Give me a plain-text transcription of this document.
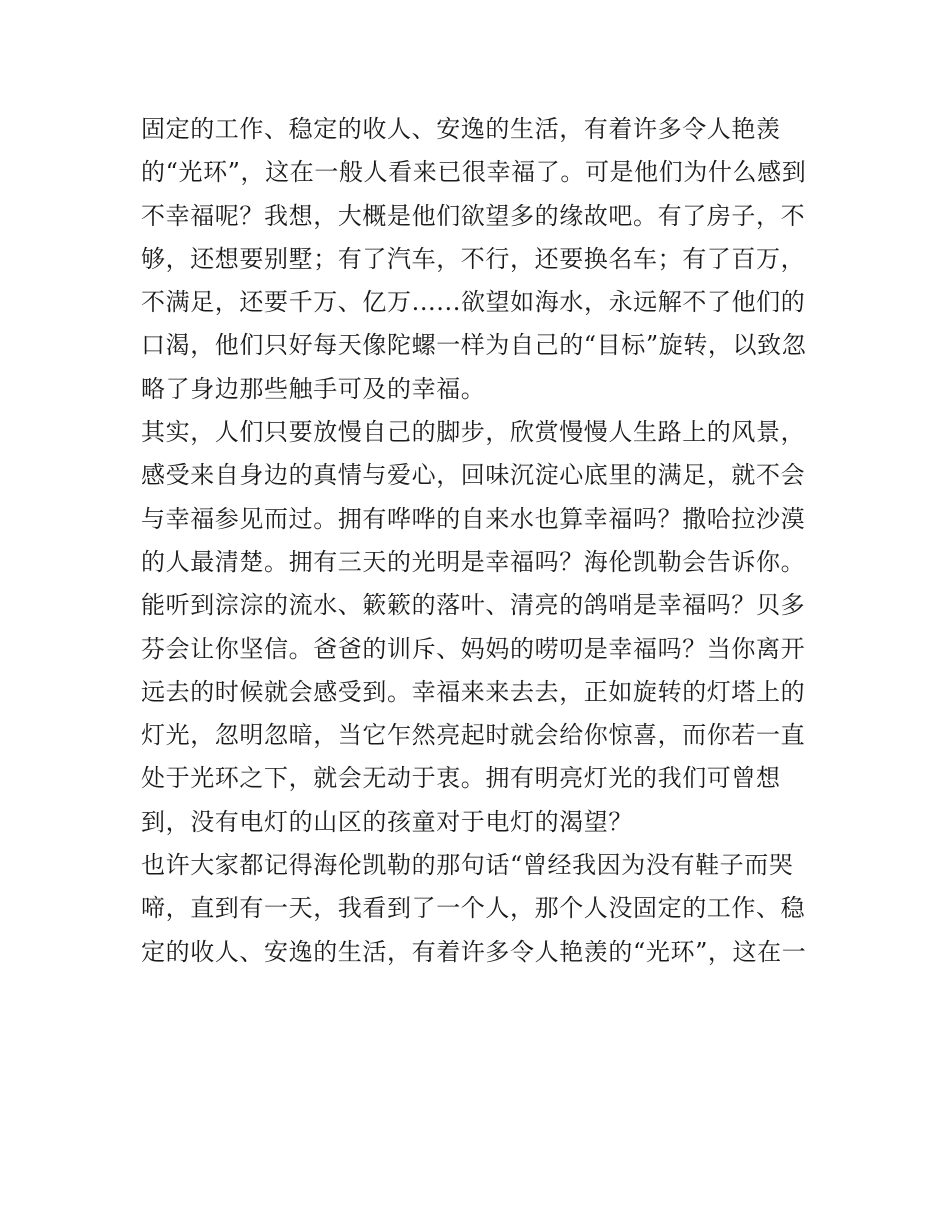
固定的工作、稳定的收人、安逸的生活，有着许多令人艳羡
的“光环”，这在一般人看来已很幸福了。可是他们为什么感到
不幸福呢？我想，大概是他们欲望多的缘故吧。有了房子，不
够，还想要别墅；有了汽车，不行，还要换名车；有了百万，
不满足，还要千万、亿万......欲望如海水，永远解不了他们的
口渴，他们只好每天像陀螺一样为自己的“目标”旋转，以致忽
略了身边那些触手可及的幸福。
其实，人们只要放慢自己的脚步，欣赏慢慢人生路上的风景，
感受来自身边的真情与爱心，回味沉淀心底里的满足，就不会
与幸福参见而过。拥有哗哗的自来水也算幸福吗？撒哈拉沙漠
的人最清楚。拥有三天的光明是幸福吗？海伦凯勒会告诉你。
能听到淙淙的流水、簌簌的落叶、清亮的鸽哨是幸福吗？贝多
芬会让你坚信。爸爸的训斥、妈妈的唠叨是幸福吗？当你离开
远去的时候就会感受到。幸福来来去去，正如旋转的灯塔上的
灯光，忽明忽暗，当它乍然亮起时就会给你惊喜，而你若一直
处于光环之下，就会无动于衷。拥有明亮灯光的我们可曾想
到，没有电灯的山区的孩童对于电灯的渴望？
也许大家都记得海伦凯勒的那句话“曾经我因为没有鞋子而哭
啼，直到有一天，我看到了一个人，那个人没固定的工作、稳
定的收人、安逸的生活，有着许多令人艳羡的“光环”，这在一
